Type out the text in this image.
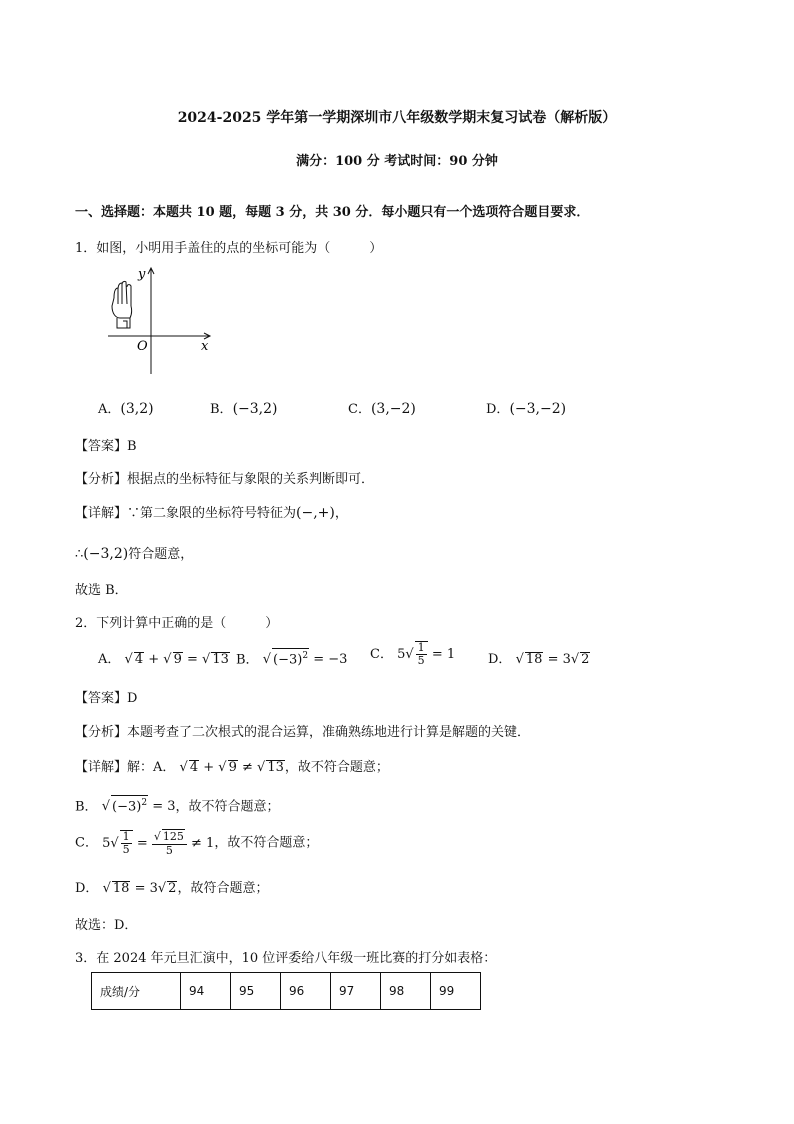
2024-2025 学年第一学期深圳市八年级数学期末复习试卷（解析版）
满分：100 分 考试时间：90 分钟
一、选择题：本题共 10 题，每题 3 分，共 30 分．每小题只有一个选项符合题目要求．
1．如图，小明用手盖住的点的坐标可能为（　　　）
y
x
O
A．(3,2)	B．(−3,2)	C．(3,−2)	D．(−3,−2)
【答案】B
【分析】根据点的坐标特征与象限的关系判断即可．
【详解】∵第二象限的坐标符号特征为(−,+)，
∴(−3,2)符合题意，
故选 B．
2．下列计算中正确的是（　　　）
A． √ 4 + √ 9 = √ 13 B． √ $(-3)^2 = -3$ C． $5√ \frac{1}{5} = 1$	D． √ 18 = 3√ 2
【答案】D
【分析】本题考查了二次根式的混合运算，准确熟练地进行计算是解题的关键．
【详解】解：A． √ 4 + √ 9 ≠ √ 13，故不符合题意；
B． √ $(-3)^2 = 3$，故不符合题意；
C． $5√ \frac{1}{5} = \frac{√ 125}{5} \ne 1$，故不符合题意；
D． √ 18 = 3√ 2，故符合题意；
故选：D．
3．在 2024 年元旦汇演中，10 位评委给八年级一班比赛的打分如表格：
成绩/分	94	95	96	97	98	99
